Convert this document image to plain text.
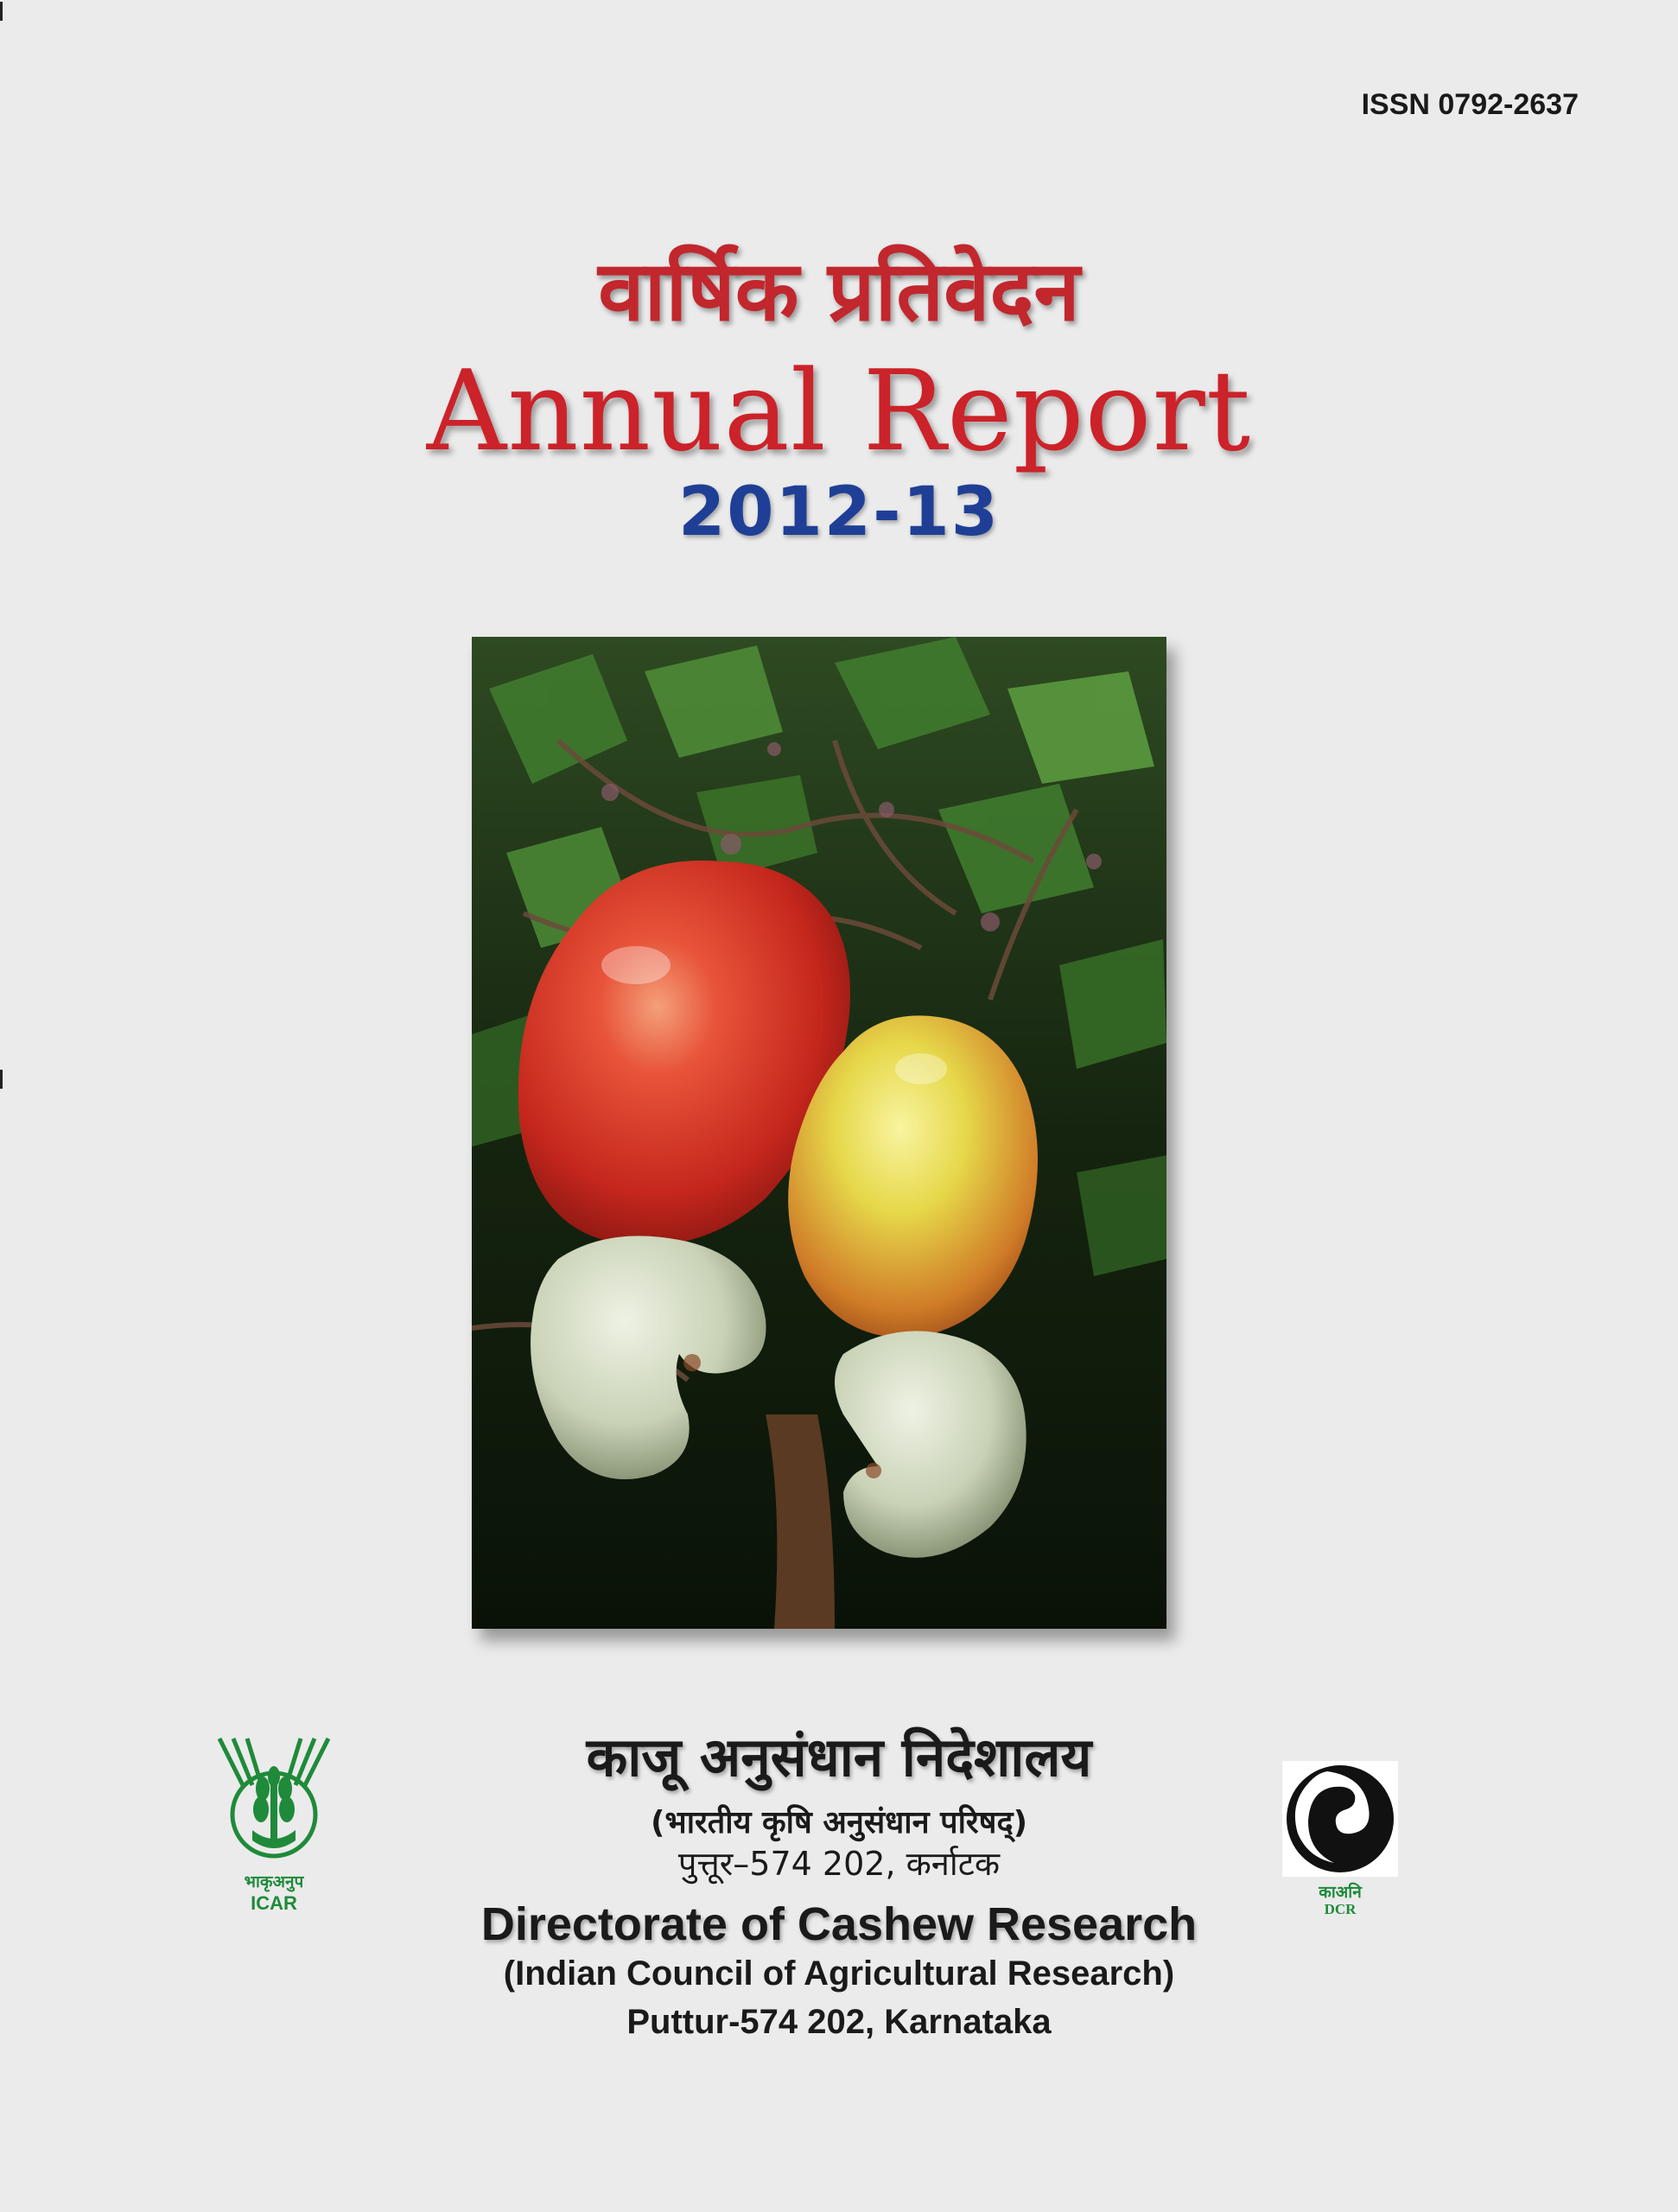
ISSN 0792-2637
वार्षिक प्रतिवेदन
Annual Report
2012-13
भाकृअनुप
ICAR	काअनि
DCR
काजू अनुसंधान निदेशालय
(भारतीय कृषि अनुसंधान परिषद्)
पुत्तूर–574 202, कर्नाटक
Directorate of Cashew Research
(Indian Council of Agricultural Research)
Puttur-574 202, Karnataka
